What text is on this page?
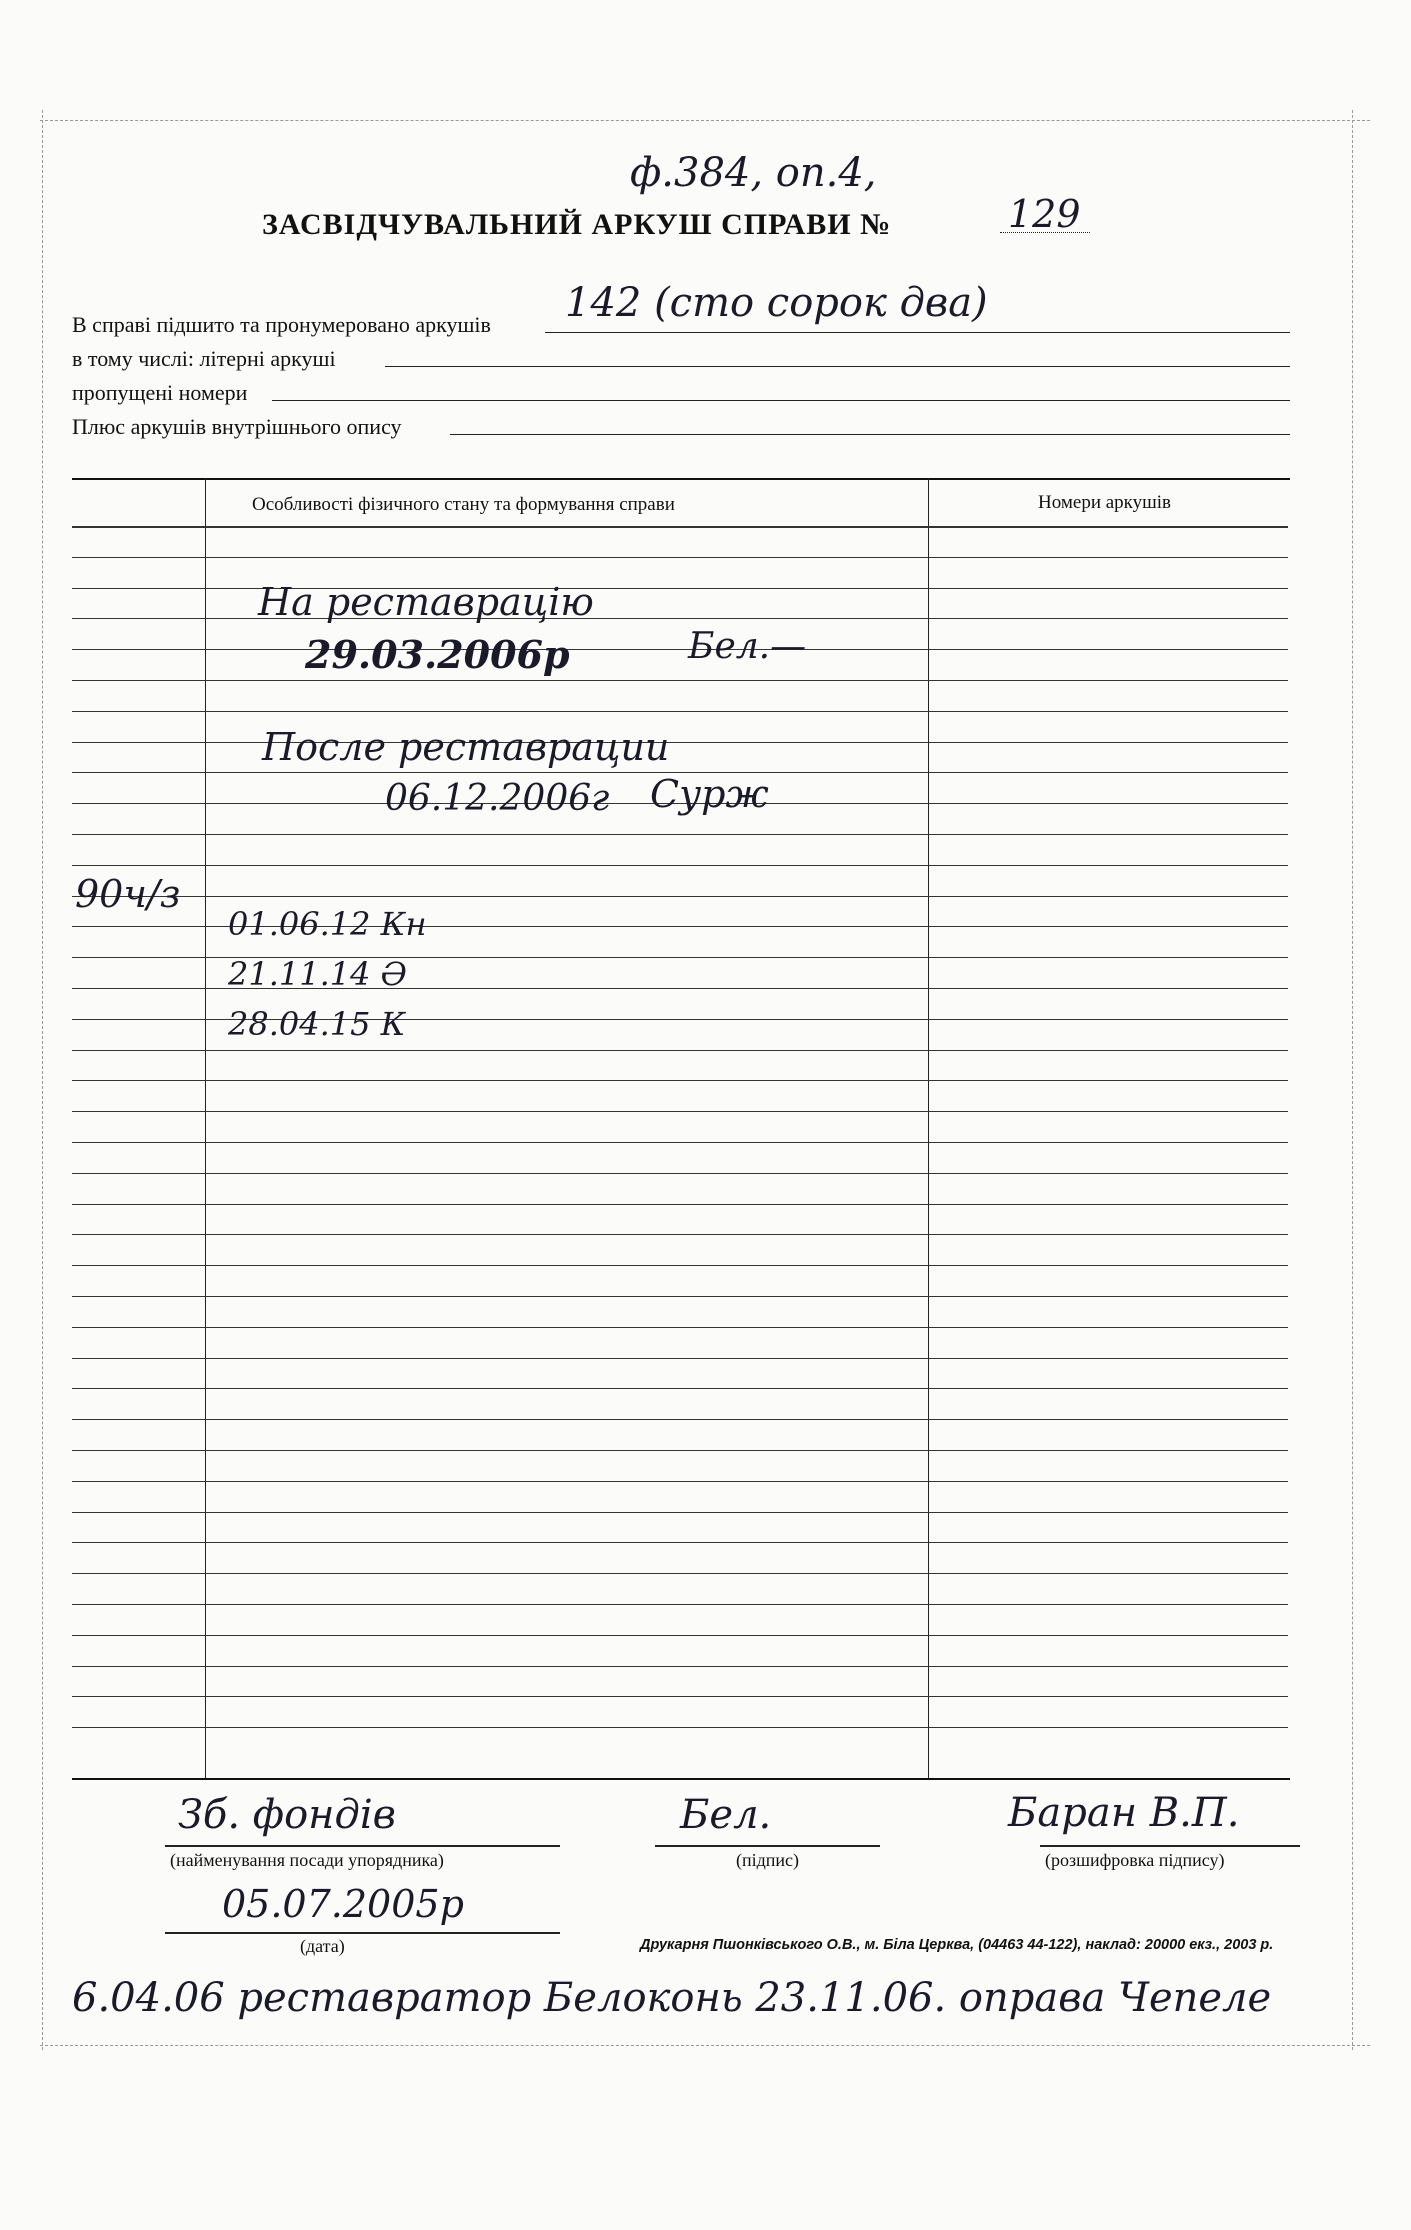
ф.384, оп.4,
ЗАСВІДЧУВАЛЬНИЙ АРКУШ СПРАВИ №	129
В справі підшито та пронумеровано аркушів 142 (сто сорок два)
в тому числі: літерні аркуші
пропущені номери
Плюс аркушів внутрішнього опису
Особливості фізичного стану та формування справи	Номери аркушів
На реставрацію
29.03.2006р	Бел.—
После реставрации
06.12.2006г Сурж
90ч/з
01.06.12 Кн
21.11.14 Ә
28.04.15 К
Зб. фондів
(найменування посади упорядника)
Бел.
(підпис)
Баран В.П.
(розшифровка підпису)
05.07.2005р
(дата)	Друкарня Пшонківського О.В., м. Біла Церква, (04463 44-122), наклад: 20000 екз., 2003 р.
6.04.06 реставратор Белоконь 23.11.06. оправа Чепеле
